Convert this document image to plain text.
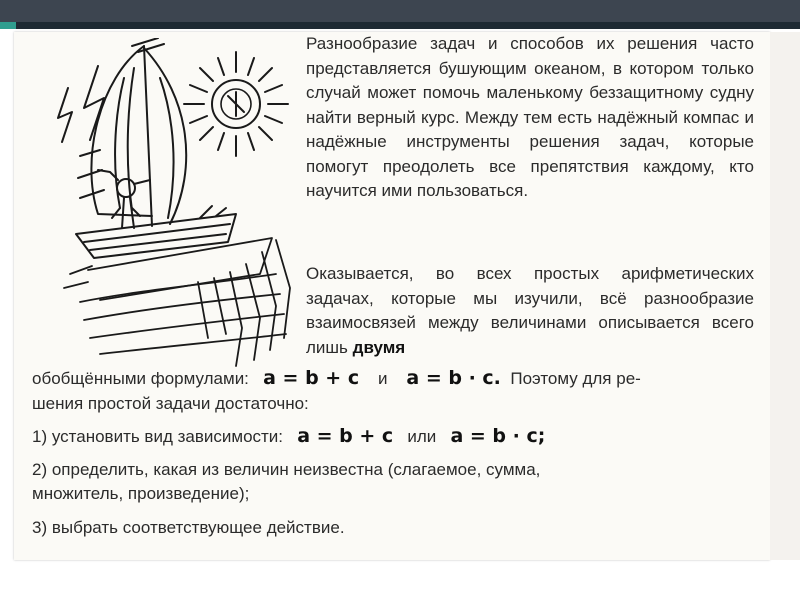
Разнообразие задач и способов их решения часто представляется бушующим океаном, в котором только случай может помочь маленькому беззащитному судну найти верный курс. Между тем есть надёжный компас и надёжные инструменты решения задач, которые помогут преодолеть все препятствия каждому, кто научится ими пользоваться.

Оказывается, во всех простых арифметических задачах, которые мы изучили, всё разнообразие взаимосвязей между величинами описывается всего лишь двумя

обобщёнными формулами: a = b + c и a = b · c. Поэтому для ре-

шения простой задачи достаточно:

1) установить вид зависимости: a = b + c или a = b · c;

2) определить, какая из величин неизвестна (слагаемое, сумма,

множитель, произведение);

3) выбрать соответствующее действие.
